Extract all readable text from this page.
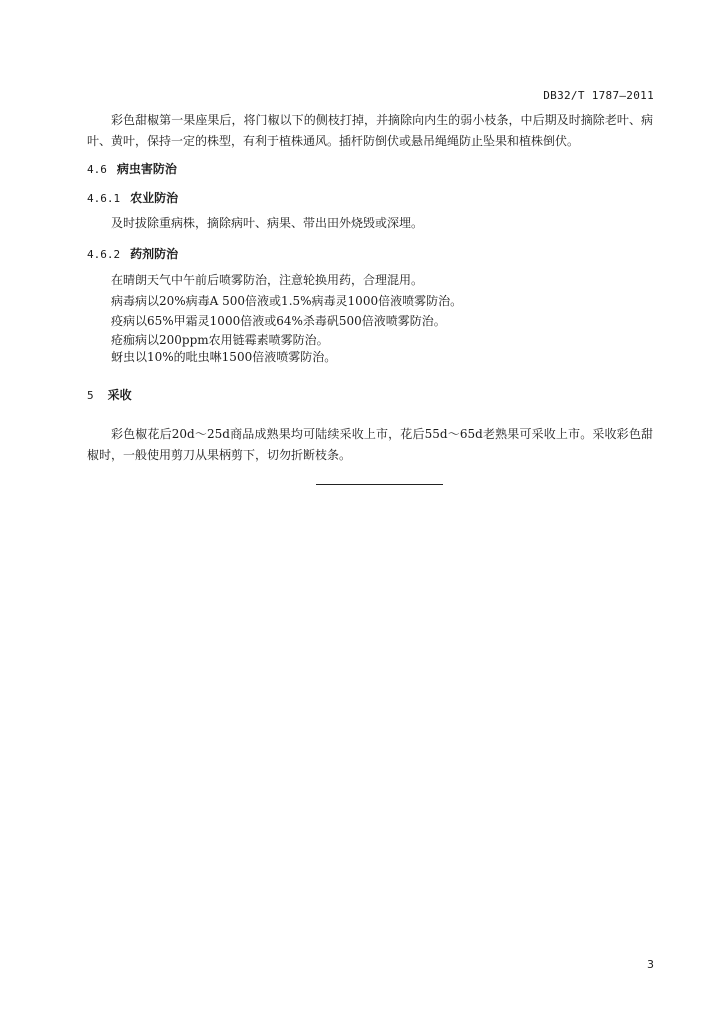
DB32/T 1787—2011

彩色甜椒第一果座果后，将门椒以下的侧枝打掉，并摘除向内生的弱小枝条，中后期及时摘除老叶、病叶、黄叶，保持一定的株型，有利于植株通风。插杆防倒伏或悬吊绳绳防止坠果和植株倒伏。

4.6 病虫害防治
4.6.1 农业防治

及时拔除重病株，摘除病叶、病果、带出田外烧毁或深埋。

4.6.2 药剂防治

在晴朗天气中午前后喷雾防治，注意轮换用药，合理混用。

病毒病以20%病毒A 500倍液或1.5%病毒灵1000倍液喷雾防治。

疫病以65%甲霜灵1000倍液或64%杀毒矾500倍液喷雾防治。

疮痂病以200ppm农用链霉素喷雾防治。

蚜虫以10%的吡虫啉1500倍液喷雾防治。

5 采收

彩色椒花后20d～25d商品成熟果均可陆续采收上市，花后55d～65d老熟果可采收上市。采收彩色甜椒时，一般使用剪刀从果柄剪下，切勿折断枝条。

3
